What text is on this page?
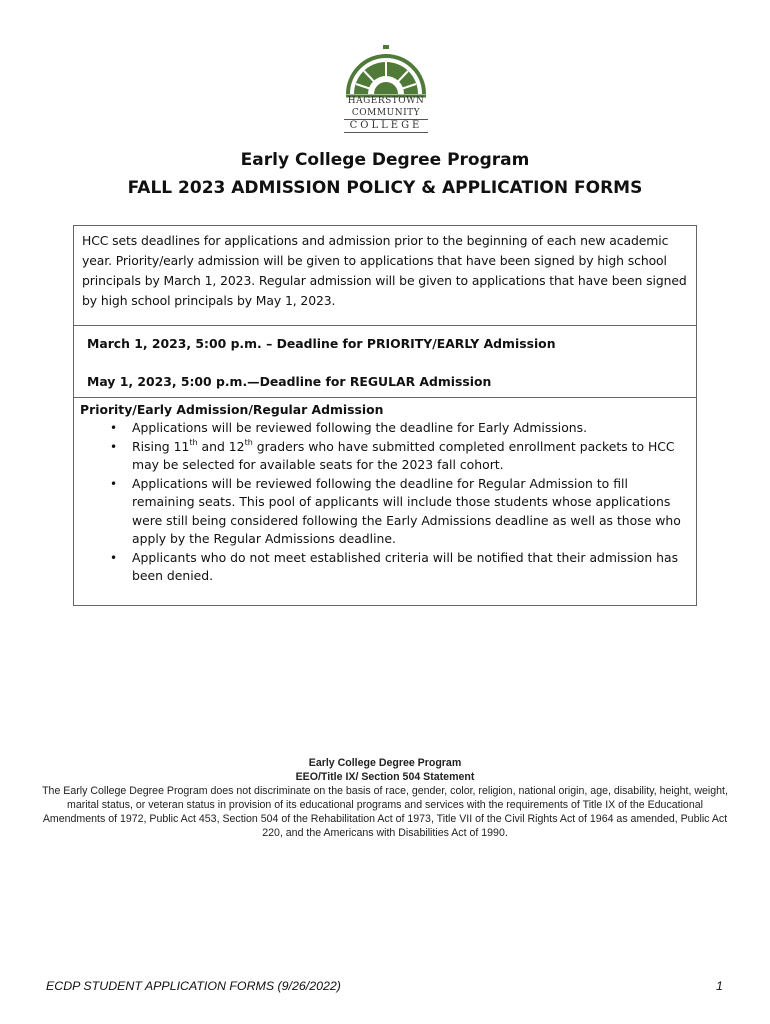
HAGERSTOWN
COMMUNITY
COLLEGE
Early College Degree Program
FALL 2023 ADMISSION POLICY & APPLICATION FORMS

HCC sets deadlines for applications and admission prior to the beginning of each new academic year. Priority/early admission will be given to applications that have been signed by high school principals by March 1, 2023. Regular admission will be given to applications that have been signed by high school principals by May 1, 2023.

March 1, 2023, 5:00 p.m. – Deadline for PRIORITY/EARLY Admission
May 1, 2023, 5:00 p.m.—Deadline for REGULAR Admission
Priority/Early Admission/Regular Admission
• Applications will be reviewed following the deadline for Early Admissions.
• Rising 11th and 12th graders who have submitted completed enrollment packets to HCC may be selected for available seats for the 2023 fall cohort.
• Applications will be reviewed following the deadline for Regular Admission to fill remaining seats. This pool of applicants will include those students whose applications were still being considered following the Early Admissions deadline as well as those who apply by the Regular Admissions deadline.
• Applicants who do not meet established criteria will be notified that their admission has been denied.
Early College Degree Program
EEO/Title IX/ Section 504 Statement
The Early College Degree Program does not discriminate on the basis of race, gender, color, religion, national origin, age, disability, height, weight, marital status, or veteran status in provision of its educational programs and services with the requirements of Title IX of the Educational Amendments of 1972, Public Act 453, Section 504 of the Rehabilitation Act of 1973, Title VII of the Civil Rights Act of 1964 as amended, Public Act 220, and the Americans with Disabilities Act of 1990.
ECDP STUDENT APPLICATION FORMS (9/26/2022)	1
